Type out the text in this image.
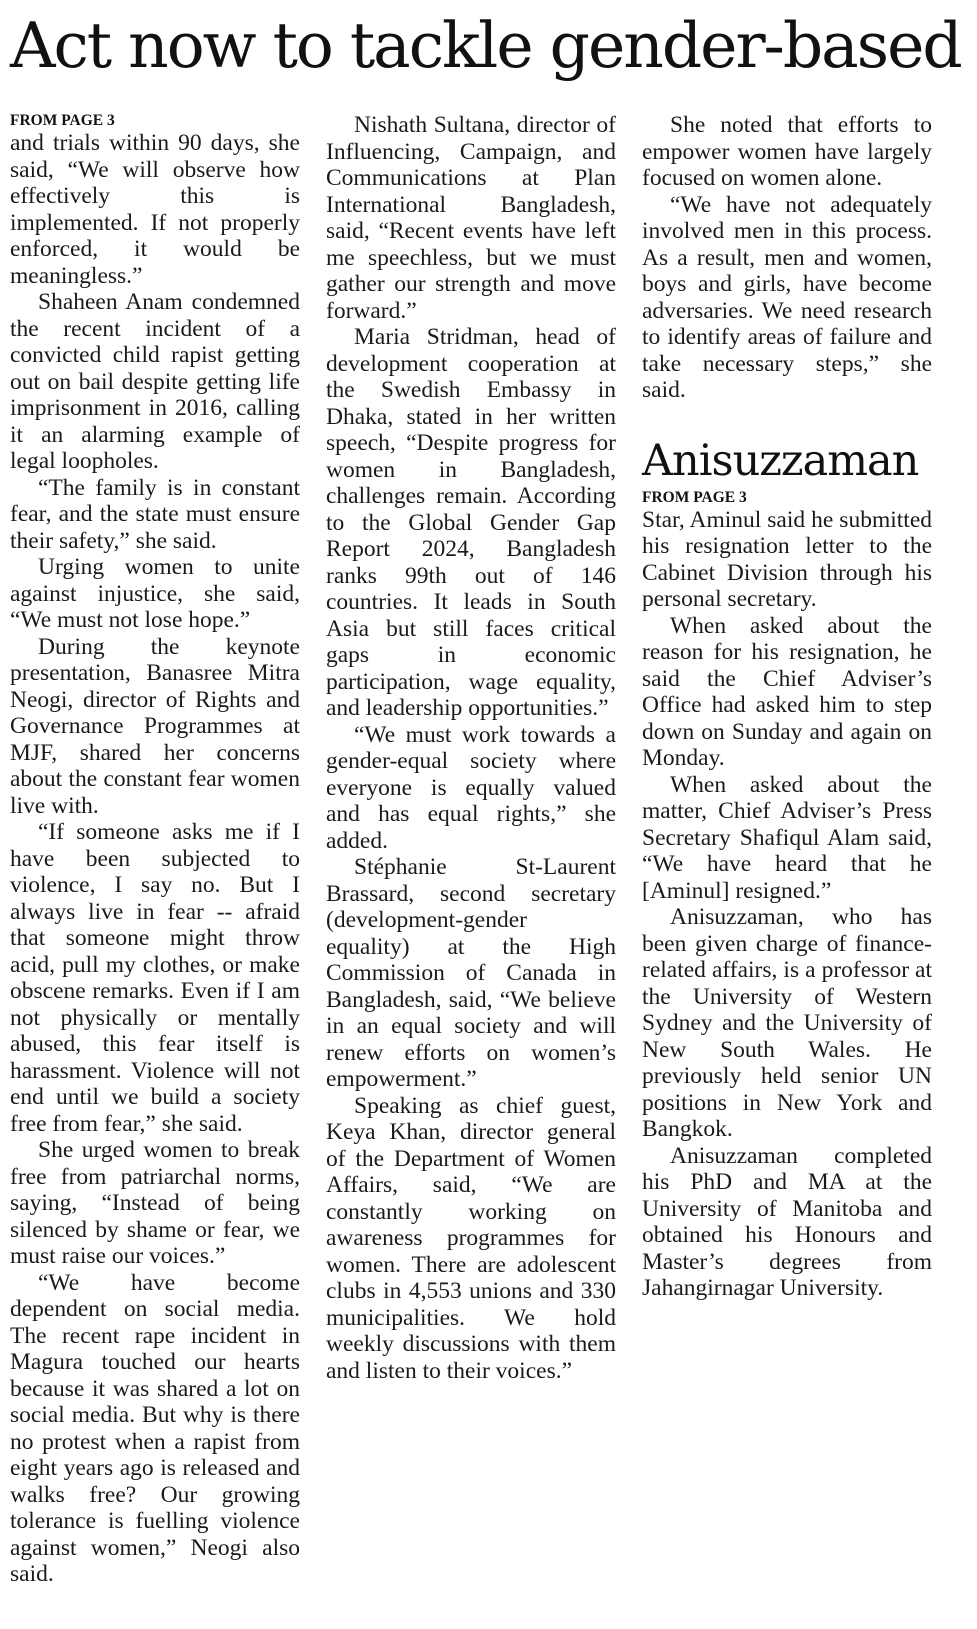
Act now to tackle gender-based
FROM PAGE 3

and trials within 90 days, she said, “We will observe how effectively this is implemented. If not properly enforced, it would be meaningless.”

Shaheen Anam condemned the recent incident of a convicted child rapist getting out on bail despite getting life imprisonment in 2016, calling it an alarming example of legal loopholes.

“The family is in constant fear, and the state must ensure their safety,” she said.

Urging women to unite against injustice, she said, “We must not lose hope.”

During the keynote presentation, Banasree Mitra Neogi, director of Rights and Governance Programmes at MJF, shared her concerns about the constant fear women live with.

“If someone asks me if I have been subjected to violence, I say no. But I always live in fear -- afraid that someone might throw acid, pull my clothes, or make obscene remarks. Even if I am not physically or mentally abused, this fear itself is harassment. Violence will not end until we build a society free from fear,” she said.

She urged women to break free from patriarchal norms, saying, “Instead of being silenced by shame or fear, we must raise our voices.”

“We have become dependent on social media. The recent rape incident in Magura touched our hearts because it was shared a lot on social media. But why is there no protest when a rapist from eight years ago is released and walks free? Our growing tolerance is fuelling violence against women,” Neogi also said.

Nishath Sultana, director of Influencing, Campaign, and Communications at Plan International Bangladesh, said, “Recent events have left me speechless, but we must gather our strength and move forward.”

Maria Stridman, head of development cooperation at the Swedish Embassy in Dhaka, stated in her written speech, “Despite progress for women in Bangladesh, challenges remain. According to the Global Gender Gap Report 2024, Bangladesh ranks 99th out of 146 countries. It leads in South Asia but still faces critical gaps in economic participation, wage equality, and leadership opportunities.”

“We must work towards a gender-equal society where everyone is equally valued and has equal rights,” she added.

Stéphanie St-Laurent Brassard, second secretary (development-gender equality) at the High Commission of Canada in Bangladesh, said, “We believe in an equal society and will renew efforts on women’s empowerment.”

Speaking as chief guest, Keya Khan, director general of the Department of Women Affairs, said, “We are constantly working on awareness programmes for women. There are adolescent clubs in 4,553 unions and 330 municipalities. We hold weekly discussions with them and listen to their voices.”

She noted that efforts to empower women have largely focused on women alone.

“We have not adequately involved men in this process. As a result, men and women, boys and girls, have become adversaries. We need research to identify areas of failure and take necessary steps,” she said.

Anisuzzaman
FROM PAGE 3

Star, Aminul said he submitted his resignation letter to the Cabinet Division through his personal secretary.

When asked about the reason for his resignation, he said the Chief Adviser’s Office had asked him to step down on Sunday and again on Monday.

When asked about the matter, Chief Adviser’s Press Secretary Shafiqul Alam said, “We have heard that he [Aminul] resigned.”

Anisuzzaman, who has been given charge of finance-related affairs, is a professor at the University of Western Sydney and the University of New South Wales. He previously held senior UN positions in New York and Bangkok.

Anisuzzaman completed his PhD and MA at the University of Manitoba and obtained his Honours and Master’s degrees from Jahangirnagar University.
